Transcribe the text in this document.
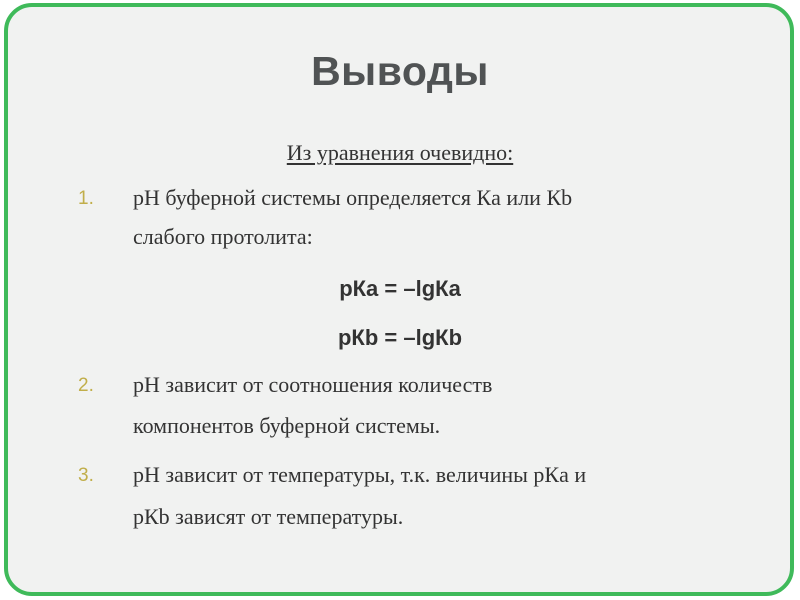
Выводы
Из уравнения очевидно:
1. pH буферной системы определяется Кa или Кb
слабого протолита:
pКa = –lgКa
pКb = –lgКb
2. pH зависит от соотношения количеств
компонентов буферной системы.
3. pH зависит от температуры, т.к. величины pКa и
pКb зависят от температуры.
